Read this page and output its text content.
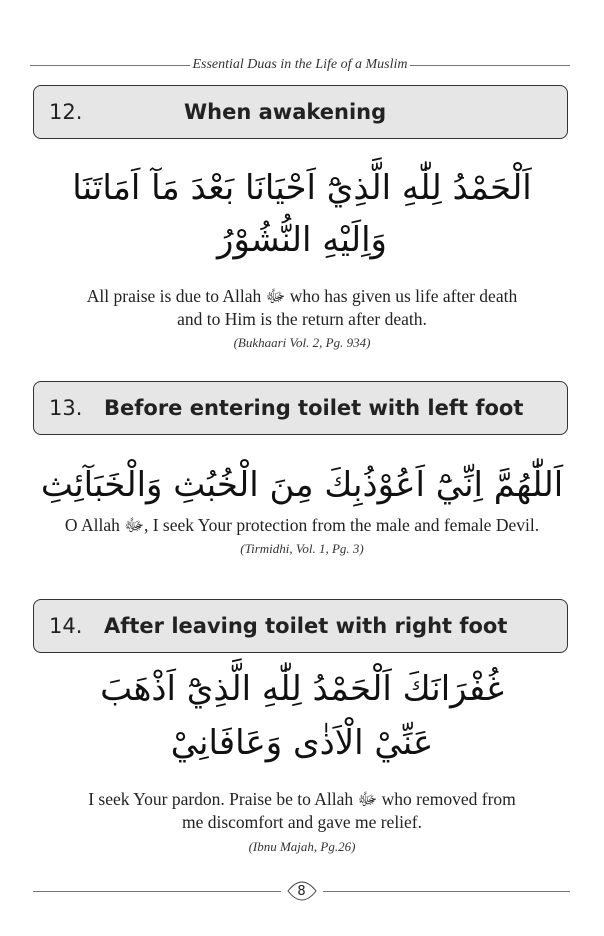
Essential Duas in the Life of a Muslim
12.	When awakening
اَلْحَمْدُ لِلّٰهِ الَّذِيْٓ اَحْيَانَا بَعْدَ مَآ اَمَاتَنَا
وَاِلَيْهِ النُّشُوْرُ
All praise is due to Allah ﷻ who has given us life after death
and to Him is the return after death.
(Bukhaari Vol. 2, Pg. 934)
13.	Before entering toilet with left foot
اَللّٰهُمَّ اِنِّيْٓ اَعُوْذُبِكَ مِنَ الْخُبُثِ وَالْخَبَآئِثِ
O Allah ﷻ, I seek Your protection from the male and female Devil.
(Tirmidhi, Vol. 1, Pg. 3)
14.	After leaving toilet with right foot
غُفْرَانَكَ اَلْحَمْدُ لِلّٰهِ الَّذِيْٓ اَذْهَبَ
عَنِّيْ الْاَذٰى وَعَافَانِيْ
I seek Your pardon. Praise be to Allah ﷻ who removed from
me discomfort and gave me relief.
(Ibnu Majah, Pg.26)
8
